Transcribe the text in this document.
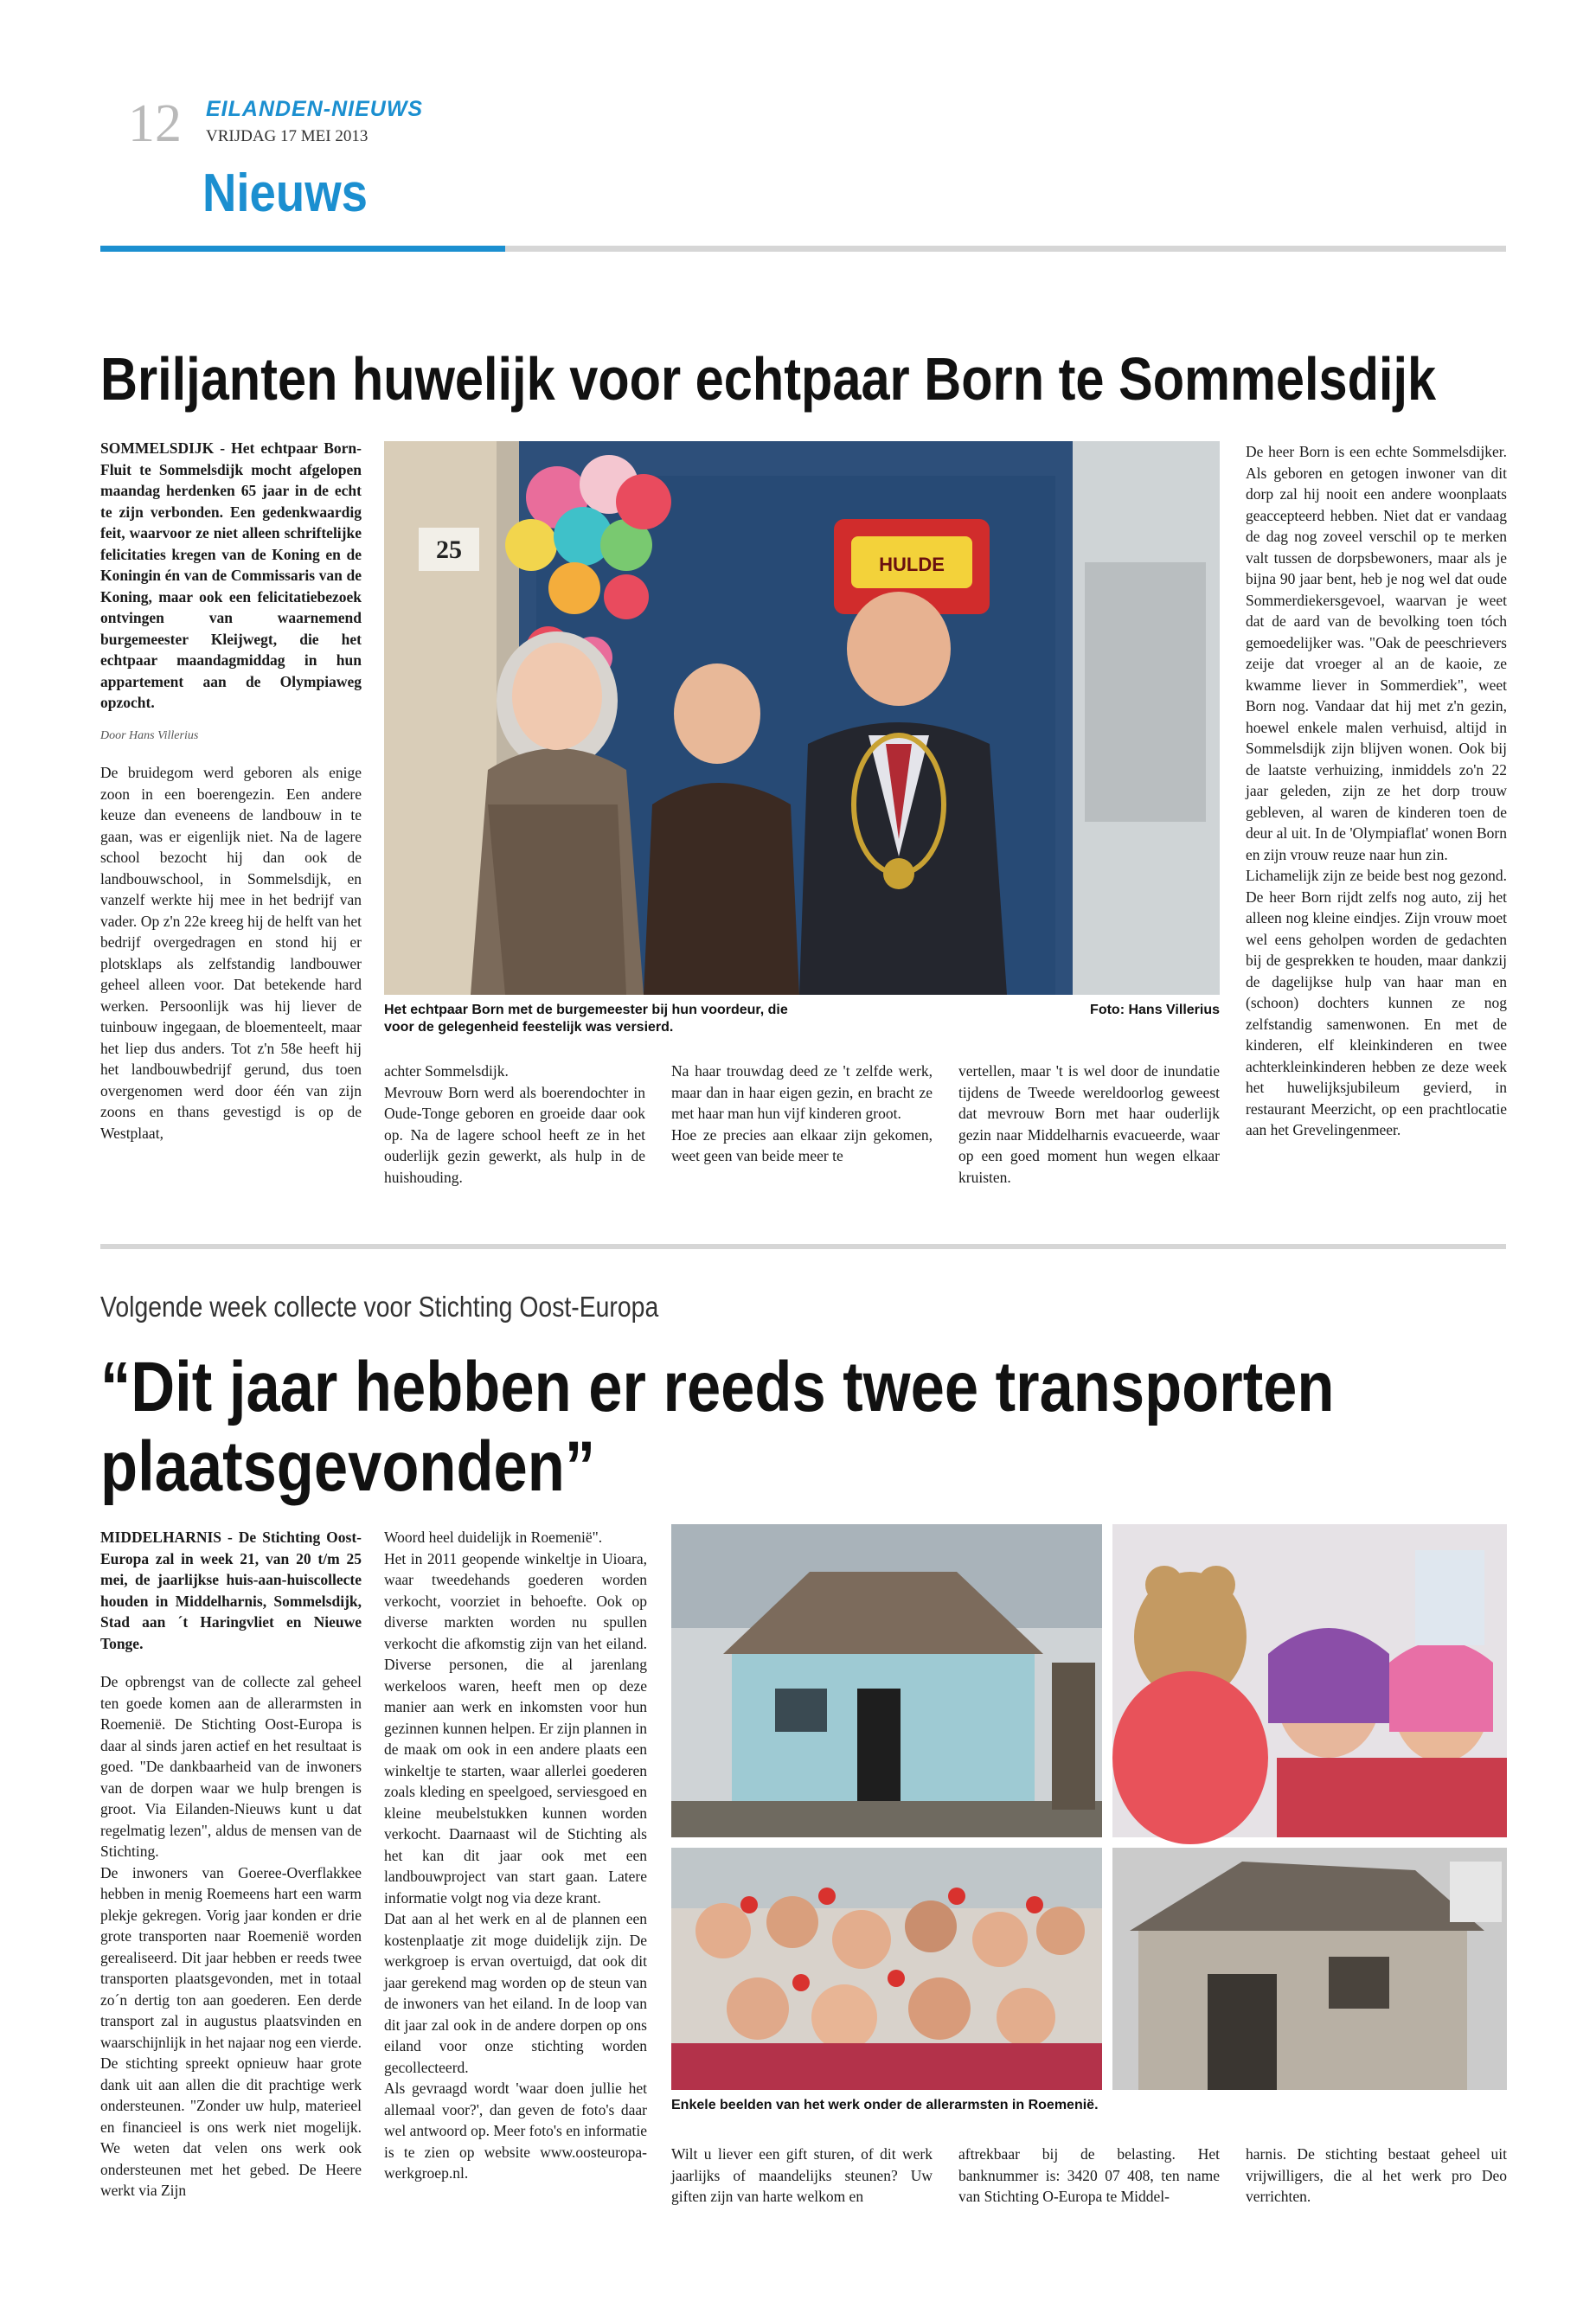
12 EILANDEN-NIEUWS
VRIJDAG 17 MEI 2013
Nieuws
Briljanten huwelijk voor echtpaar Born te Sommelsdijk

SOMMELSDIJK - Het echtpaar Born-Fluit te Sommelsdijk mocht afgelopen maandag herdenken 65 jaar in de echt te zijn verbonden. Een gedenkwaardig feit, waarvoor ze niet alleen schriftelijke felicitaties kregen van de Koning en de Koningin én van de Commissaris van de Koning, maar ook een felicitatiebezoek ontvingen van waarnemend burgemeester Kleijwegt, die het echtpaar maandagmiddag in hun appartement aan de Olympiaweg opzocht.

Door Hans Villerius

De bruidegom werd geboren als enige zoon in een boerengezin. Een andere keuze dan eveneens de landbouw in te gaan, was er eigenlijk niet. Na de lagere school bezocht hij dan ook de landbouwschool, in Sommelsdijk, en vanzelf werkte hij mee in het bedrijf van vader. Op z'n 22e kreeg hij de helft van het bedrijf overgedragen en stond hij er plotsklaps als zelfstandig landbouwer geheel alleen voor. Dat betekende hard werken. Persoonlijk was hij liever de tuinbouw ingegaan, de bloementeelt, maar het liep dus anders. Tot z'n 58e heeft hij het landbouwbedrijf gerund, dus toen overgenomen werd door één van zijn zoons en thans gevestigd is op de Westplaat,

HULDE
25
Het echtpaar Born met de burgemeester bij hun voordeur, die voor de gelegenheid feestelijk was versierd.
Foto: Hans Villerius

achter Sommelsdijk.
Mevrouw Born werd als boerendochter in Oude-Tonge geboren en groeide daar ook op. Na de lagere school heeft ze in het ouderlijk gezin gewerkt, als hulp in de huishouding.

Na haar trouwdag deed ze 't zelfde werk, maar dan in haar eigen gezin, en bracht ze met haar man hun vijf kinderen groot.
Hoe ze precies aan elkaar zijn gekomen, weet geen van beide meer te

vertellen, maar 't is wel door de inundatie tijdens de Tweede wereldoorlog geweest dat mevrouw Born met haar ouderlijk gezin naar Middelharnis evacueerde, waar op een goed moment hun wegen elkaar kruisten.

De heer Born is een echte Sommelsdijker. Als geboren en getogen inwoner van dit dorp zal hij nooit een andere woonplaats geaccepteerd hebben. Niet dat er vandaag de dag nog zoveel verschil op te merken valt tussen de dorpsbewoners, maar als je bijna 90 jaar bent, heb je nog wel dat oude Sommerdiekersgevoel, waarvan je weet dat de aard van de bevolking toen tóch gemoedelijker was. "Oak de peeschrievers zeije dat vroeger al an de kaoie, ze kwamme liever in Sommerdiek", weet Born nog. Vandaar dat hij met z'n gezin, hoewel enkele malen verhuisd, altijd in Sommelsdijk zijn blijven wonen. Ook bij de laatste verhuizing, inmiddels zo'n 22 jaar geleden, zijn ze het dorp trouw gebleven, al waren de kinderen toen de deur al uit. In de 'Olympiaflat' wonen Born en zijn vrouw reuze naar hun zin.
Lichamelijk zijn ze beide best nog gezond. De heer Born rijdt zelfs nog auto, zij het alleen nog kleine eindjes. Zijn vrouw moet wel eens geholpen worden de gedachten bij de gesprekken te houden, maar dankzij de dagelijkse hulp van haar man en (schoon) dochters kunnen ze nog zelfstandig samenwonen. En met de kinderen, elf kleinkinderen en twee achterkleinkinderen hebben ze deze week het huwelijksjubileum gevierd, in restaurant Meerzicht, op een prachtlocatie aan het Grevelingenmeer.

Volgende week collecte voor Stichting Oost-Europa
“Dit jaar hebben er reeds twee transporten plaatsgevonden”

MIDDELHARNIS - De Stichting Oost-Europa zal in week 21, van 20 t/m 25 mei, de jaarlijkse huis-aan-huiscollecte houden in Middelharnis, Sommelsdijk, Stad aan ´t Haringvliet en Nieuwe Tonge.

De opbrengst van de collecte zal geheel ten goede komen aan de allerarmsten in Roemenië. De Stichting Oost-Europa is daar al sinds jaren actief en het resultaat is goed. "De dankbaarheid van de inwoners van de dorpen waar we hulp brengen is groot. Via Eilanden-Nieuws kunt u dat regelmatig lezen", aldus de mensen van de Stichting.
De inwoners van Goeree-Overflakkee hebben in menig Roemeens hart een warm plekje gekregen. Vorig jaar konden er drie grote transporten naar Roemenië worden gerealiseerd. Dit jaar hebben er reeds twee transporten plaatsgevonden, met in totaal zo´n dertig ton aan goederen. Een derde transport zal in augustus plaatsvinden en waarschijnlijk in het najaar nog een vierde. De stichting spreekt opnieuw haar grote dank uit aan allen die dit prachtige werk ondersteunen. "Zonder uw hulp, materieel en financieel is ons werk niet mogelijk. We weten dat velen ons werk ook ondersteunen met het gebed. De Heere werkt via Zijn

Woord heel duidelijk in Roemenië".
Het in 2011 geopende winkeltje in Uioara, waar tweedehands goederen worden verkocht, voorziet in behoefte. Ook op diverse markten worden nu spullen verkocht die afkomstig zijn van het eiland. Diverse personen, die al jarenlang werkeloos waren, heeft men op deze manier aan werk en inkomsten voor hun gezinnen kunnen helpen. Er zijn plannen in de maak om ook in een andere plaats een winkeltje te starten, waar allerlei goederen zoals kleding en speelgoed, serviesgoed en kleine meubelstukken kunnen worden verkocht. Daarnaast wil de Stichting als het kan dit jaar ook met een landbouwproject van start gaan. Latere informatie volgt nog via deze krant.
Dat aan al het werk en al de plannen een kostenplaatje zit moge duidelijk zijn. De werkgroep is ervan overtuigd, dat ook dit jaar gerekend mag worden op de steun van de inwoners van het eiland. In de loop van dit jaar zal ook in de andere dorpen op ons eiland voor onze stichting worden gecollecteerd.
Als gevraagd wordt 'waar doen jullie het allemaal voor?', dan geven de foto's daar wel antwoord op. Meer foto's en informatie is te zien op website www.oosteuropa-werkgroep.nl.

Enkele beelden van het werk onder de allerarmsten in Roemenië.

Wilt u liever een gift sturen, of dit werk jaarlijks of maandelijks steunen? Uw giften zijn van harte welkom en

aftrekbaar bij de belasting. Het banknummer is: 3420 07 408, ten name van Stichting O-Europa te Middel-

harnis. De stichting bestaat geheel uit vrijwilligers, die al het werk pro Deo verrichten.
